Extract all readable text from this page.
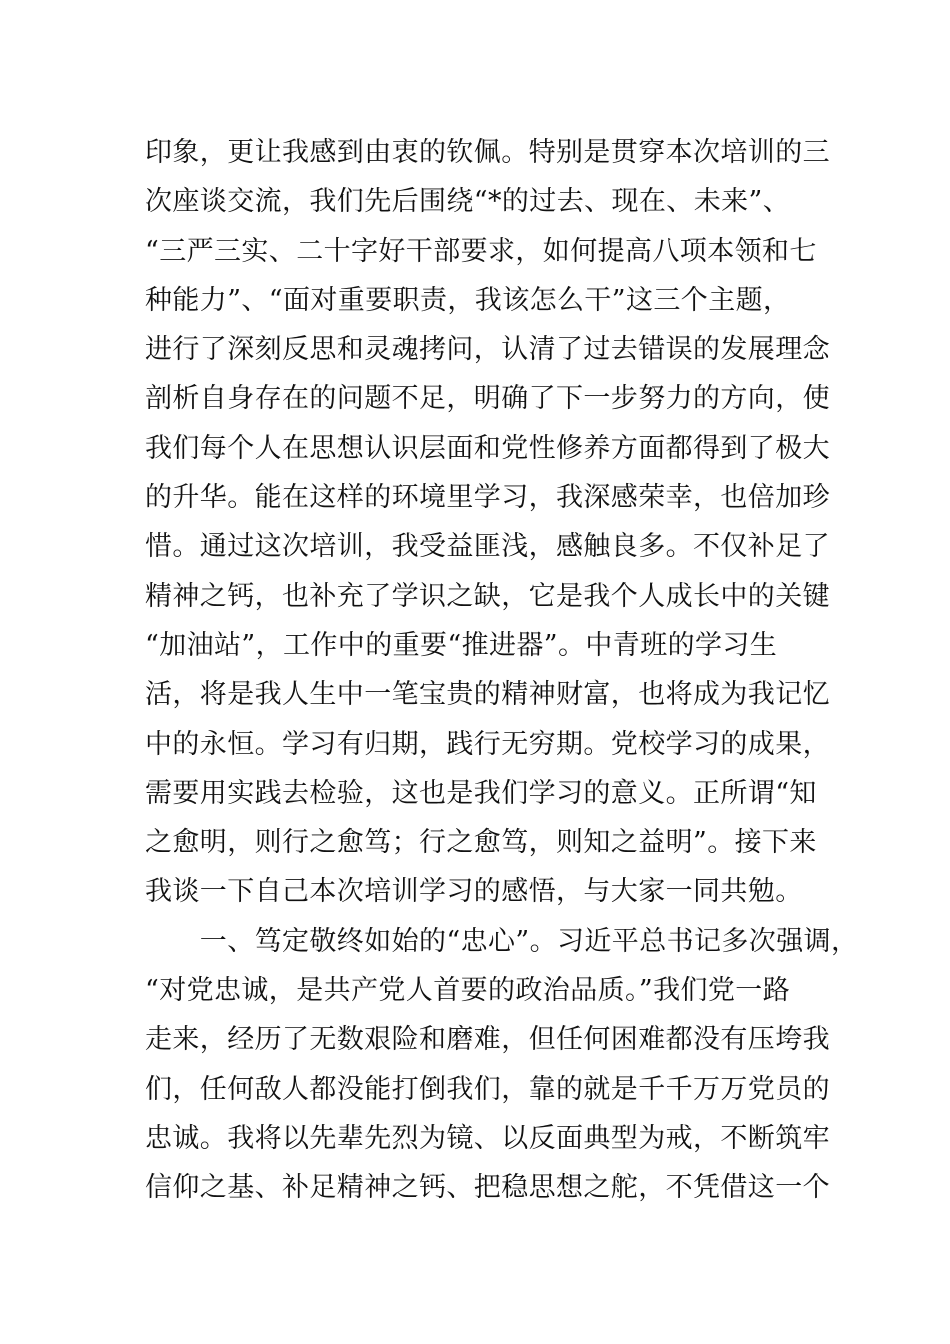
印象，更让我感到由衷的钦佩。特别是贯穿本次培训的三
次座谈交流，我们先后围绕“*的过去、现在、未来”、
“三严三实、二十字好干部要求，如何提高八项本领和七
种能力”、“面对重要职责，我该怎么干”这三个主题，
进行了深刻反思和灵魂拷问，认清了过去错误的发展理念
剖析自身存在的问题不足，明确了下一步努力的方向，使
我们每个人在思想认识层面和党性修养方面都得到了极大
的升华。能在这样的环境里学习，我深感荣幸，也倍加珍
惜。通过这次培训，我受益匪浅，感触良多。不仅补足了
精神之钙，也补充了学识之缺，它是我个人成长中的关键
“加油站”，工作中的重要“推进器”。中青班的学习生
活，将是我人生中一笔宝贵的精神财富，也将成为我记忆
中的永恒。学习有归期，践行无穷期。党校学习的成果，
需要用实践去检验，这也是我们学习的意义。正所谓“知
之愈明，则行之愈笃；行之愈笃，则知之益明”。接下来
我谈一下自己本次培训学习的感悟，与大家一同共勉。
　　一、笃定敬终如始的“忠心”。习近平总书记多次强调，
“对党忠诚，是共产党人首要的政治品质。”我们党一路
走来，经历了无数艰险和磨难，但任何困难都没有压垮我
们，任何敌人都没能打倒我们，靠的就是千千万万党员的
忠诚。我将以先辈先烈为镜、以反面典型为戒，不断筑牢
信仰之基、补足精神之钙、把稳思想之舵，不凭借这一个
